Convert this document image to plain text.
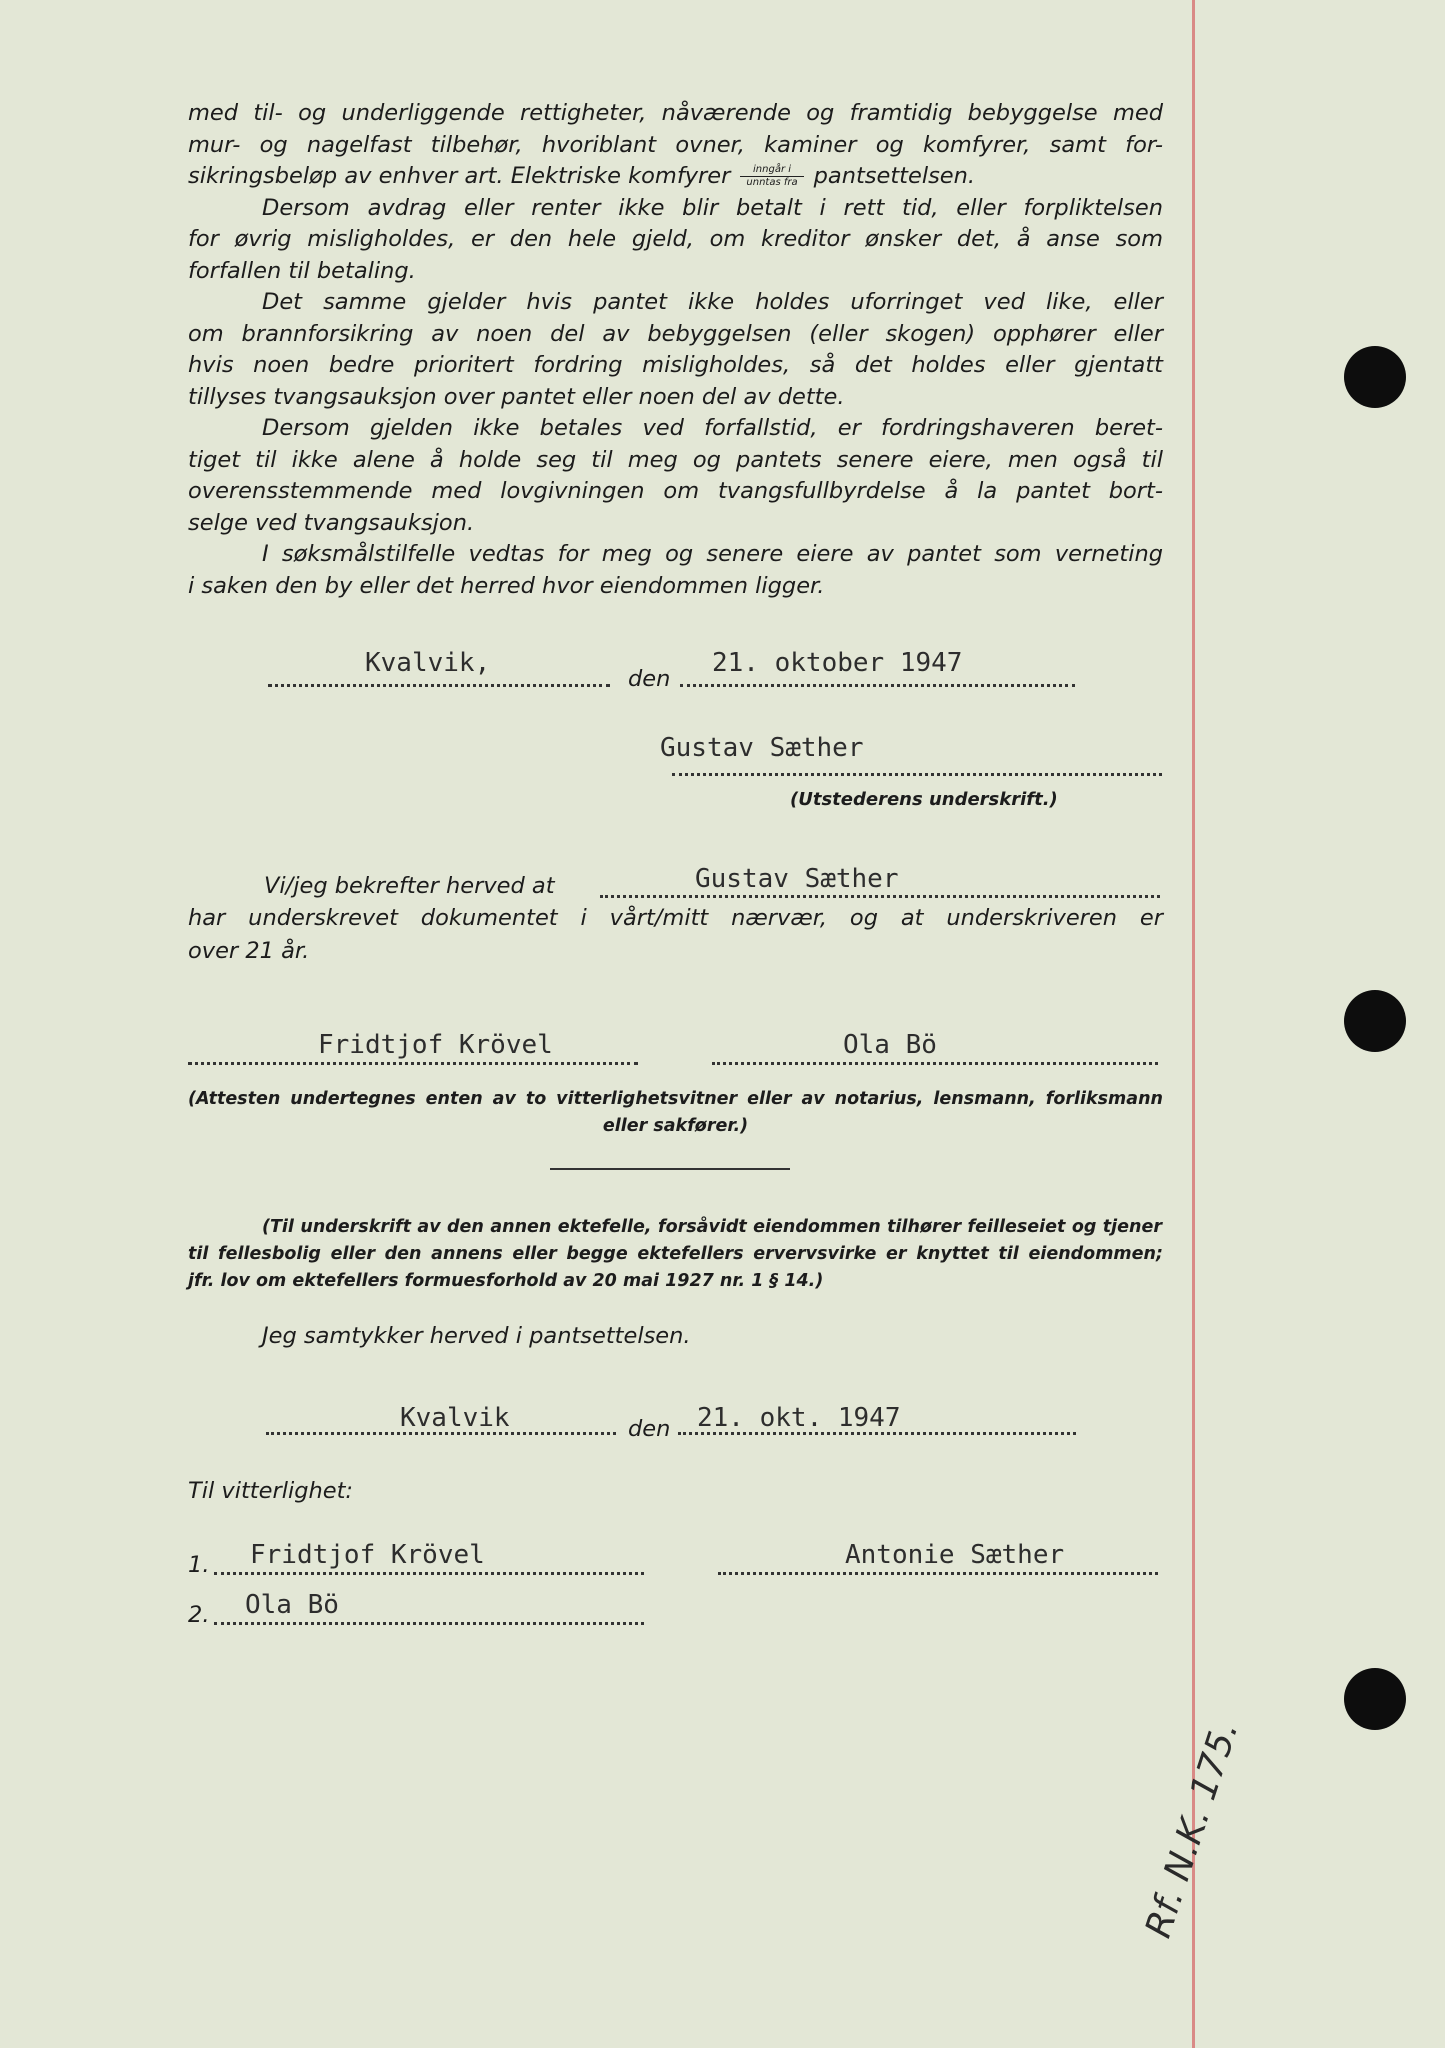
med til- og underliggende rettigheter, nåværende og framtidig bebyggelse med
mur- og nagelfast tilbehør, hvoriblant ovner, kaminer og komfyrer, samt for-
sikringsbeløp av enhver art. Elektriske komfyrer $\frac{\text{inngår i}}{\text{unntas fra}}$ pantsettelsen.
Dersom avdrag eller renter ikke blir betalt i rett tid, eller forpliktelsen
for øvrig misligholdes, er den hele gjeld, om kreditor ønsker det, å anse som
forfallen til betaling.
Det samme gjelder hvis pantet ikke holdes uforringet ved like, eller
om brannforsikring av noen del av bebyggelsen (eller skogen) opphører eller
hvis noen bedre prioritert fordring misligholdes, så det holdes eller gjentatt
tillyses tvangsauksjon over pantet eller noen del av dette.
Dersom gjelden ikke betales ved forfallstid, er fordringshaveren beret-
tiget til ikke alene å holde seg til meg og pantets senere eiere, men også til
overensstemmende med lovgivningen om tvangsfullbyrdelse å la pantet bort-
selge ved tvangsauksjon.
I søksmålstilfelle vedtas for meg og senere eiere av pantet som verneting
i saken den by eller det herred hvor eiendommen ligger.
Kvalvik,
den
21. oktober 1947
Gustav Sæther
(Utstederens underskrift.)
Vi/jeg bekrefter herved at	Gustav Sæther
har underskrevet dokumentet i vårt/mitt nærvær, og at underskriveren er
over 21 år.
Fridtjof Krövel	Ola Bö
(Attesten undertegnes enten av to vitterlighetsvitner eller av notarius, lensmann, forliksmann
eller sakfører.)
(Til underskrift av den annen ektefelle, forsåvidt eiendommen tilhører feilleseiet og tjener
til fellesbolig eller den annens eller begge ektefellers ervervsvirke er knyttet til eiendommen;
jfr. lov om ektefellers formuesforhold av 20 mai 1927 nr. 1 § 14.)
Jeg samtykker herved i pantsettelsen.
Kvalvik	den 21. okt. 1947
Til vitterlighet:
1. Fridtjof Krövel	Antonie Sæther
2. Ola Bö
Rf. N.K. 175.
